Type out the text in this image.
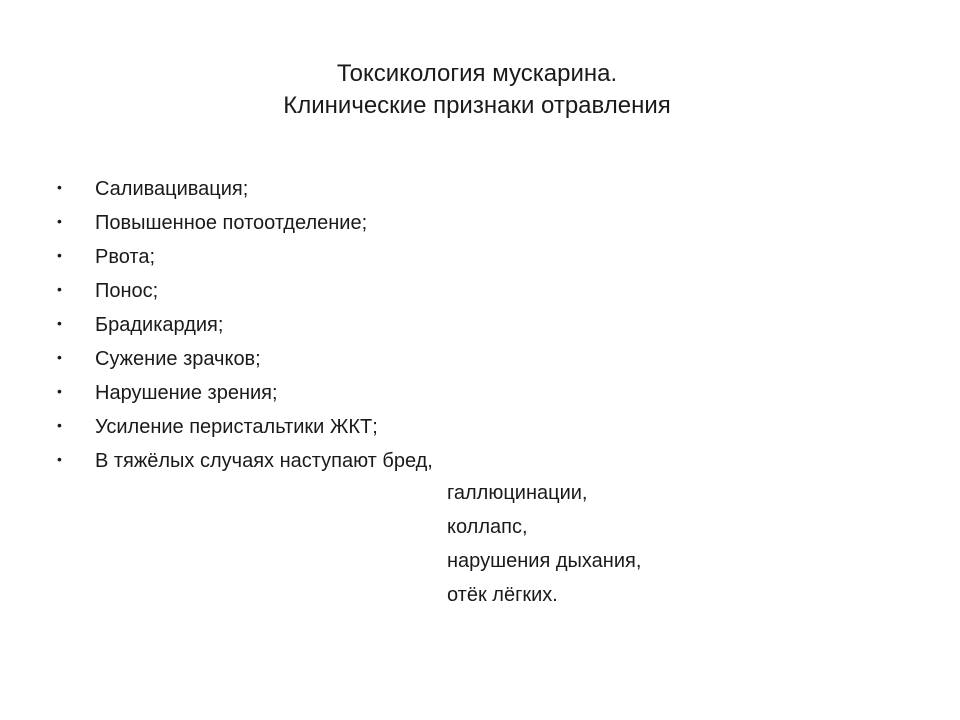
Токсикология мускарина.
Клинические признаки отравления
• Саливацивация;
• Повышенное потоотделение;
• Рвота;
• Понос;
• Брадикардия;
• Сужение зрачков;
• Нарушение зрения;
• Усиление перистальтики ЖКТ;
• В тяжёлых случаях наступают бред,
галлюцинации,
коллапс,
нарушения дыхания,
отёк лёгких.
